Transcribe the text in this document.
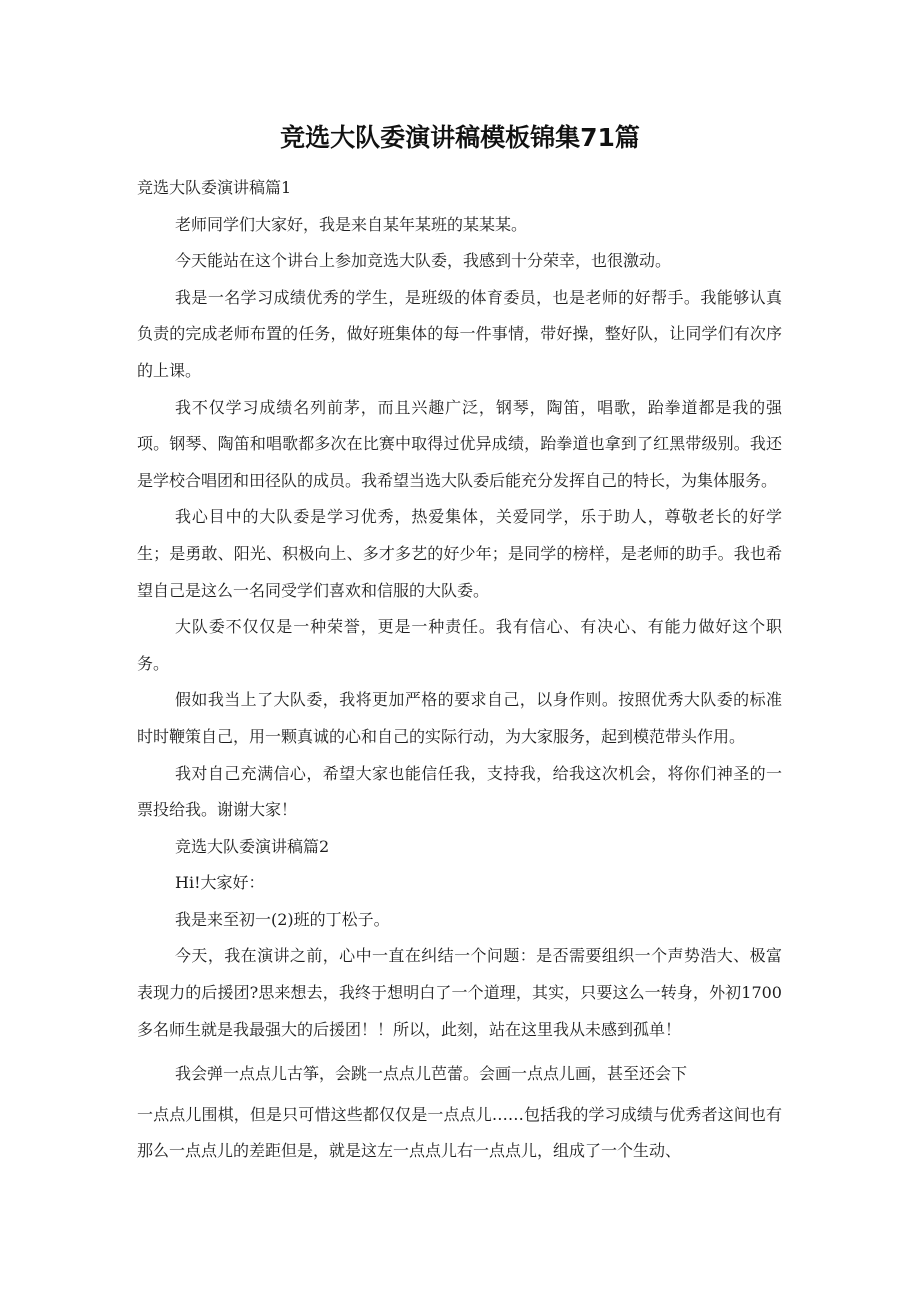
竞选大队委演讲稿模板锦集71篇

竞选大队委演讲稿篇1

老师同学们大家好，我是来自某年某班的某某某。

今天能站在这个讲台上参加竞选大队委，我感到十分荣幸，也很激动。

我是一名学习成绩优秀的学生，是班级的体育委员，也是老师的好帮手。我能够认真负责的完成老师布置的任务，做好班集体的每一件事情，带好操，整好队，让同学们有次序的上课。

我不仅学习成绩名列前茅，而且兴趣广泛，钢琴，陶笛，唱歌，跆拳道都是我的强项。钢琴、陶笛和唱歌都多次在比赛中取得过优异成绩，跆拳道也拿到了红黑带级别。我还是学校合唱团和田径队的成员。我希望当选大队委后能充分发挥自己的特长，为集体服务。

我心目中的大队委是学习优秀，热爱集体，关爱同学，乐于助人，尊敬老长的好学生；是勇敢、阳光、积极向上、多才多艺的好少年；是同学的榜样，是老师的助手。我也希望自己是这么一名同受学们喜欢和信服的大队委。

大队委不仅仅是一种荣誉，更是一种责任。我有信心、有决心、有能力做好这个职务。

假如我当上了大队委，我将更加严格的要求自己，以身作则。按照优秀大队委的标准时时鞭策自己，用一颗真诚的心和自己的实际行动，为大家服务，起到模范带头作用。

我对自己充满信心，希望大家也能信任我，支持我，给我这次机会，将你们神圣的一票投给我。谢谢大家！

竞选大队委演讲稿篇2

Hi!大家好：

我是来至初一(2)班的丁松子。

今天，我在演讲之前，心中一直在纠结一个问题：是否需要组织一个声势浩大、极富表现力的后援团?思来想去，我终于想明白了一个道理，其实，只要这么一转身，外初1700多名师生就是我最强大的后援团！！所以，此刻，站在这里我从未感到孤单！

我会弹一点点儿古筝，会跳一点点儿芭蕾。会画一点点儿画，甚至还会下

一点点儿围棋，但是只可惜这些都仅仅是一点点儿……包括我的学习成绩与优秀者这间也有那么一点点儿的差距但是，就是这左一点点儿右一点点儿，组成了一个生动、
